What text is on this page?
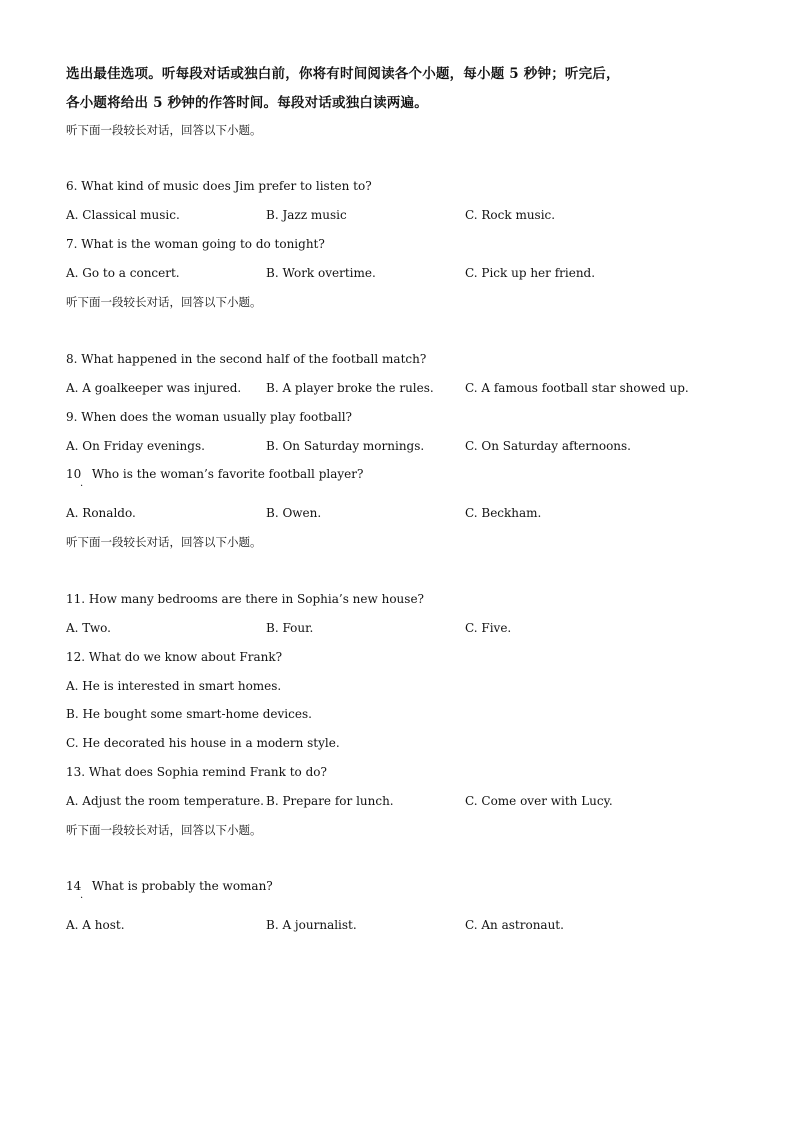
选出最佳选项。听每段对话或独白前，你将有时间阅读各个小题，每小题 5 秒钟；听完后，
各小题将给出 5 秒钟的作答时间。每段对话或独白读两遍。
听下面一段较长对话，回答以下小题。
6. What kind of music does Jim prefer to listen to?
A. Classical music.	B. Jazz music	C. Rock music.
7. What is the woman going to do tonight?
A. Go to a concert.	B. Work overtime.	C. Pick up her friend.
听下面一段较长对话，回答以下小题。
8. What happened in the second half of the football match?
A. A goalkeeper was injured. B. A player broke the rules.	C. A famous football star showed up.
9. When does the woman usually play football?
A. On Friday evenings.	B. On Saturday mornings.	C. On Saturday afternoons.
10 Who is the woman’s favorite football player?
.
A. Ronaldo.	B. Owen.	C. Beckham.
听下面一段较长对话，回答以下小题。
11. How many bedrooms are there in Sophia’s new house?
A. Two.	B. Four.	C. Five.
12. What do we know about Frank?
A. He is interested in smart homes.
B. He bought some smart-home devices.
C. He decorated his house in a modern style.
13. What does Sophia remind Frank to do?
A. Adjust the room temperature. B. Prepare for lunch.	C. Come over with Lucy.
听下面一段较长对话，回答以下小题。
14 What is probably the woman?
.
A. A host.	B. A journalist.	C. An astronaut.
